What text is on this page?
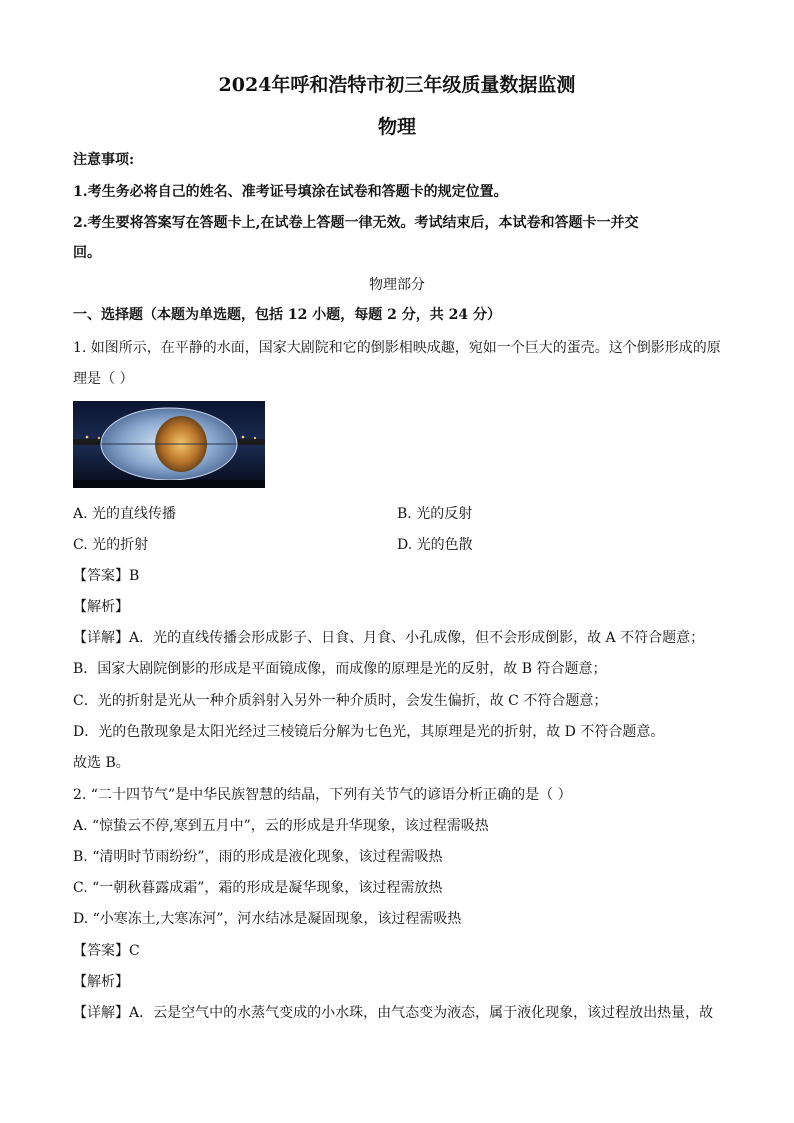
2024年呼和浩特市初三年级质量数据监测
物理
注意事项:
1.考生务必将自己的姓名、准考证号填涂在试卷和答题卡的规定位置。
2.考生要将答案写在答题卡上,在试卷上答题一律无效。考试结束后，本试卷和答题卡一并交
回。
物理部分
一、选择题（本题为单选题，包括 12 小题，每题 2 分，共 24 分）
1. 如图所示，在平静的水面，国家大剧院和它的倒影相映成趣，宛如一个巨大的蛋壳。这个倒影形成的原
理是（ ）
A. 光的直线传播	B. 光的反射
C. 光的折射	D. 光的色散
【答案】B
【解析】
【详解】A．光的直线传播会形成影子、日食、月食、小孔成像，但不会形成倒影，故 A 不符合题意；
B．国家大剧院倒影的形成是平面镜成像，而成像的原理是光的反射，故 B 符合题意；
C．光的折射是光从一种介质斜射入另外一种介质时，会发生偏折，故 C 不符合题意；
D．光的色散现象是太阳光经过三棱镜后分解为七色光，其原理是光的折射，故 D 不符合题意。
故选 B。
2. “二十四节气”是中华民族智慧的结晶，下列有关节气的谚语分析正确的是（ ）
A. “惊蛰云不停,寒到五月中”，云的形成是升华现象，该过程需吸热
B. “清明时节雨纷纷”，雨的形成是液化现象，该过程需吸热
C. “一朝秋暮露成霜”，霜的形成是凝华现象，该过程需放热
D. “小寒冻土,大寒冻河”，河水结冰是凝固现象，该过程需吸热
【答案】C
【解析】
【详解】A．云是空气中的水蒸气变成的小水珠，由气态变为液态，属于液化现象，该过程放出热量，故
